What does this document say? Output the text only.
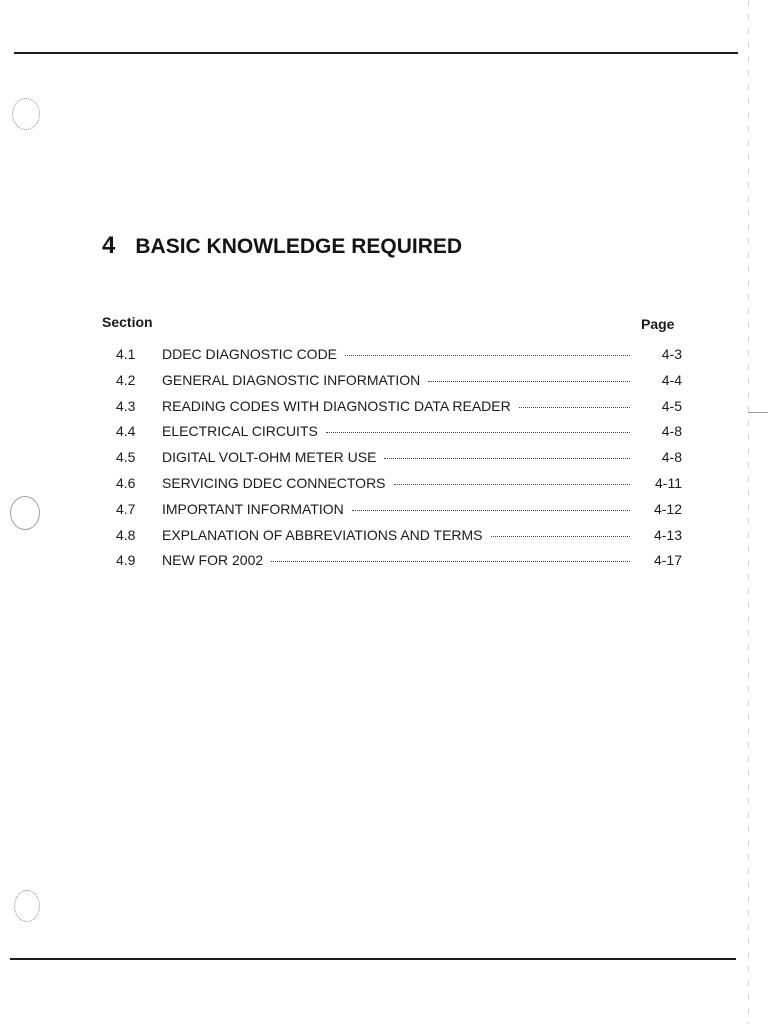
4 BASIC KNOWLEDGE REQUIRED
Section	Page
4.1	DDEC DIAGNOSTIC CODE	4-3
4.2	GENERAL DIAGNOSTIC INFORMATION	4-4
4.3	READING CODES WITH DIAGNOSTIC DATA READER	4-5
4.4	ELECTRICAL CIRCUITS	4-8
4.5	DIGITAL VOLT-OHM METER USE	4-8
4.6	SERVICING DDEC CONNECTORS	4-11
4.7	IMPORTANT INFORMATION	4-12
4.8	EXPLANATION OF ABBREVIATIONS AND TERMS	4-13
4.9	NEW FOR 2002	4-17
